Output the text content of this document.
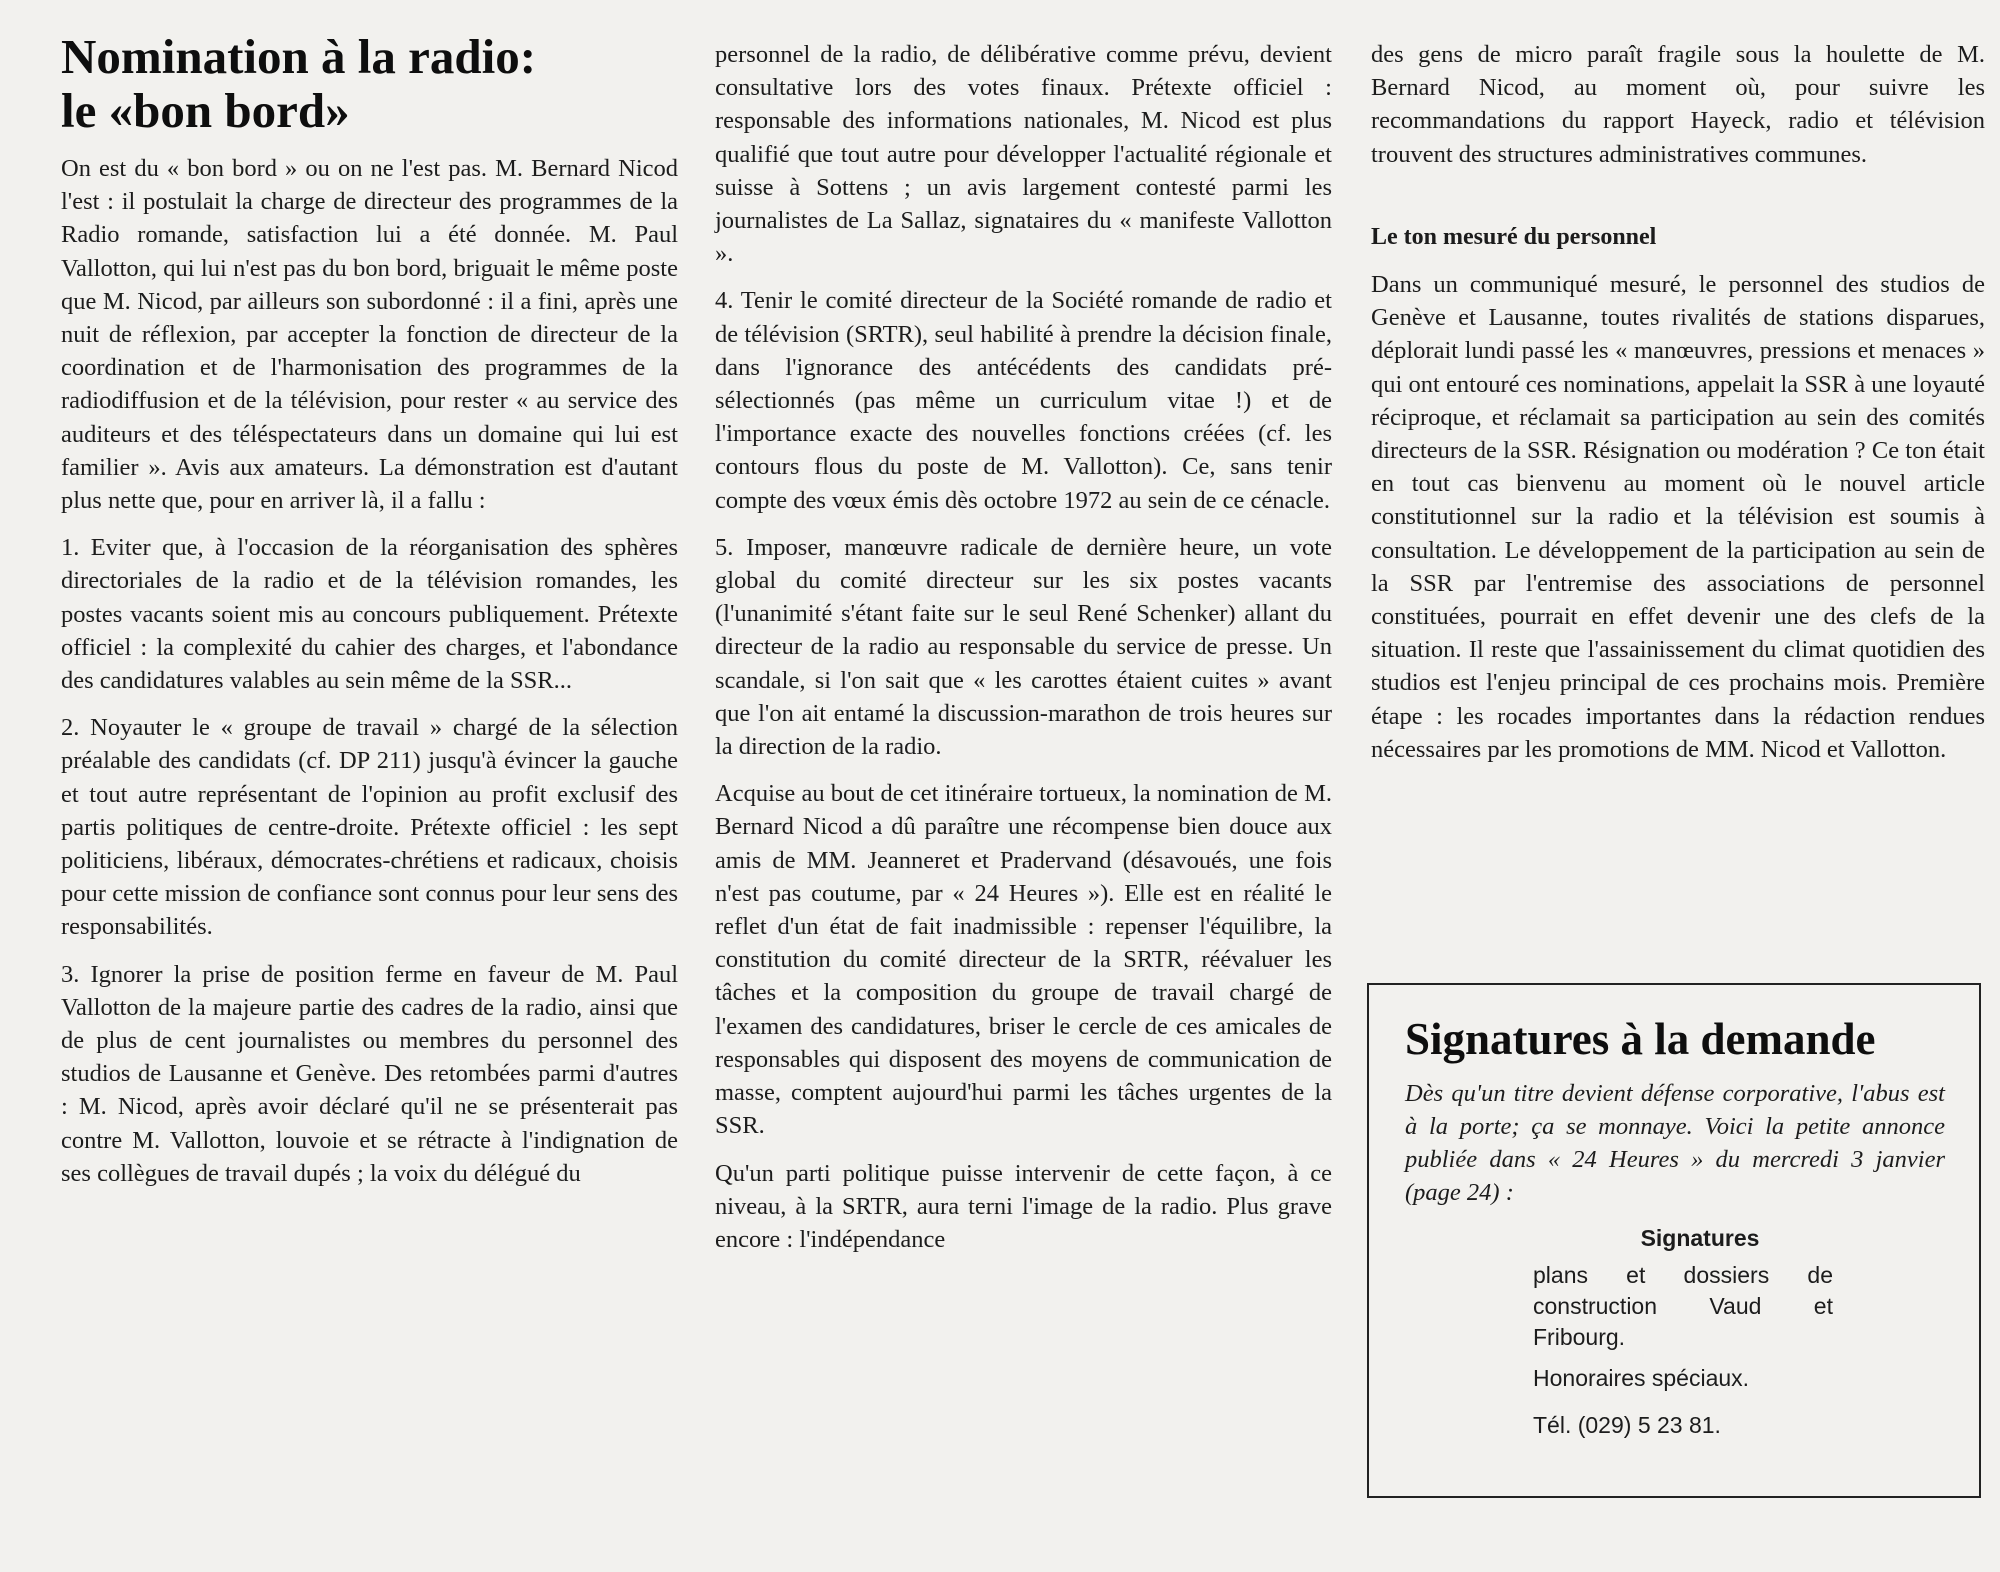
Nomination à la radio:
le «bon bord»

On est du « bon bord » ou on ne l'est pas. M. Bernard Nicod l'est : il postulait la charge de directeur des programmes de la Radio romande, satisfaction lui a été donnée. M. Paul Vallotton, qui lui n'est pas du bon bord, briguait le même poste que M. Nicod, par ailleurs son subordonné : il a fini, après une nuit de réflexion, par accepter la fonction de directeur de la coordination et de l'harmonisation des programmes de la radiodiffusion et de la télévision, pour rester « au service des auditeurs et des téléspectateurs dans un domaine qui lui est familier ». Avis aux amateurs. La démonstration est d'autant plus nette que, pour en arriver là, il a fallu :

1. Eviter que, à l'occasion de la réorganisation des sphères directoriales de la radio et de la télévision romandes, les postes vacants soient mis au concours publiquement. Prétexte officiel : la complexité du cahier des charges, et l'abondance des candidatures valables au sein même de la SSR...

2. Noyauter le « groupe de travail » chargé de la sélection préalable des candidats (cf. DP 211) jusqu'à évincer la gauche et tout autre représentant de l'opinion au profit exclusif des partis politiques de centre-droite. Prétexte officiel : les sept politiciens, libéraux, démocrates-chrétiens et radicaux, choisis pour cette mission de confiance sont connus pour leur sens des responsabilités.

3. Ignorer la prise de position ferme en faveur de M. Paul Vallotton de la majeure partie des cadres de la radio, ainsi que de plus de cent journalistes ou membres du personnel des studios de Lausanne et Genève. Des retombées parmi d'autres : M. Nicod, après avoir déclaré qu'il ne se présenterait pas contre M. Vallotton, louvoie et se rétracte à l'indignation de ses collègues de travail dupés ; la voix du délégué du

personnel de la radio, de délibérative comme prévu, devient consultative lors des votes finaux. Prétexte officiel : responsable des informations nationales, M. Nicod est plus qualifié que tout autre pour développer l'actualité régionale et suisse à Sottens ; un avis largement contesté parmi les journalistes de La Sallaz, signataires du « manifeste Vallotton ».

4. Tenir le comité directeur de la Société romande de radio et de télévision (SRTR), seul habilité à prendre la décision finale, dans l'ignorance des antécédents des candidats pré-sélectionnés (pas même un curriculum vitae !) et de l'importance exacte des nouvelles fonctions créées (cf. les contours flous du poste de M. Vallotton). Ce, sans tenir compte des vœux émis dès octobre 1972 au sein de ce cénacle.

5. Imposer, manœuvre radicale de dernière heure, un vote global du comité directeur sur les six postes vacants (l'unanimité s'étant faite sur le seul René Schenker) allant du directeur de la radio au responsable du service de presse. Un scandale, si l'on sait que « les carottes étaient cuites » avant que l'on ait entamé la discussion-marathon de trois heures sur la direction de la radio.

Acquise au bout de cet itinéraire tortueux, la nomination de M. Bernard Nicod a dû paraître une récompense bien douce aux amis de MM. Jeanneret et Pradervand (désavoués, une fois n'est pas coutume, par « 24 Heures »). Elle est en réalité le reflet d'un état de fait inadmissible : repenser l'équilibre, la constitution du comité directeur de la SRTR, réévaluer les tâches et la composition du groupe de travail chargé de l'examen des candidatures, briser le cercle de ces amicales de responsables qui disposent des moyens de communication de masse, comptent aujourd'hui parmi les tâches urgentes de la SSR.

Qu'un parti politique puisse intervenir de cette façon, à ce niveau, à la SRTR, aura terni l'image de la radio. Plus grave encore : l'indépendance

des gens de micro paraît fragile sous la houlette de M. Bernard Nicod, au moment où, pour suivre les recommandations du rapport Hayeck, radio et télévision trouvent des structures administratives communes.

Le ton mesuré du personnel

Dans un communiqué mesuré, le personnel des studios de Genève et Lausanne, toutes rivalités de stations disparues, déplorait lundi passé les « manœuvres, pressions et menaces » qui ont entouré ces nominations, appelait la SSR à une loyauté réciproque, et réclamait sa participation au sein des comités directeurs de la SSR. Résignation ou modération ? Ce ton était en tout cas bienvenu au moment où le nouvel article constitutionnel sur la radio et la télévision est soumis à consultation. Le développement de la participation au sein de la SSR par l'entremise des associations de personnel constituées, pourrait en effet devenir une des clefs de la situation. Il reste que l'assainissement du climat quotidien des studios est l'enjeu principal de ces prochains mois. Première étape : les rocades importantes dans la rédaction rendues nécessaires par les promotions de MM. Nicod et Vallotton.

Signatures à la demande

Dès qu'un titre devient défense corporative, l'abus est à la porte; ça se monnaye. Voici la petite annonce publiée dans « 24 Heures » du mercredi 3 janvier (page 24) :

Signatures
plans et dossiers de construction Vaud et Fribourg.
Honoraires spéciaux.
Tél. (029) 5 23 81.
